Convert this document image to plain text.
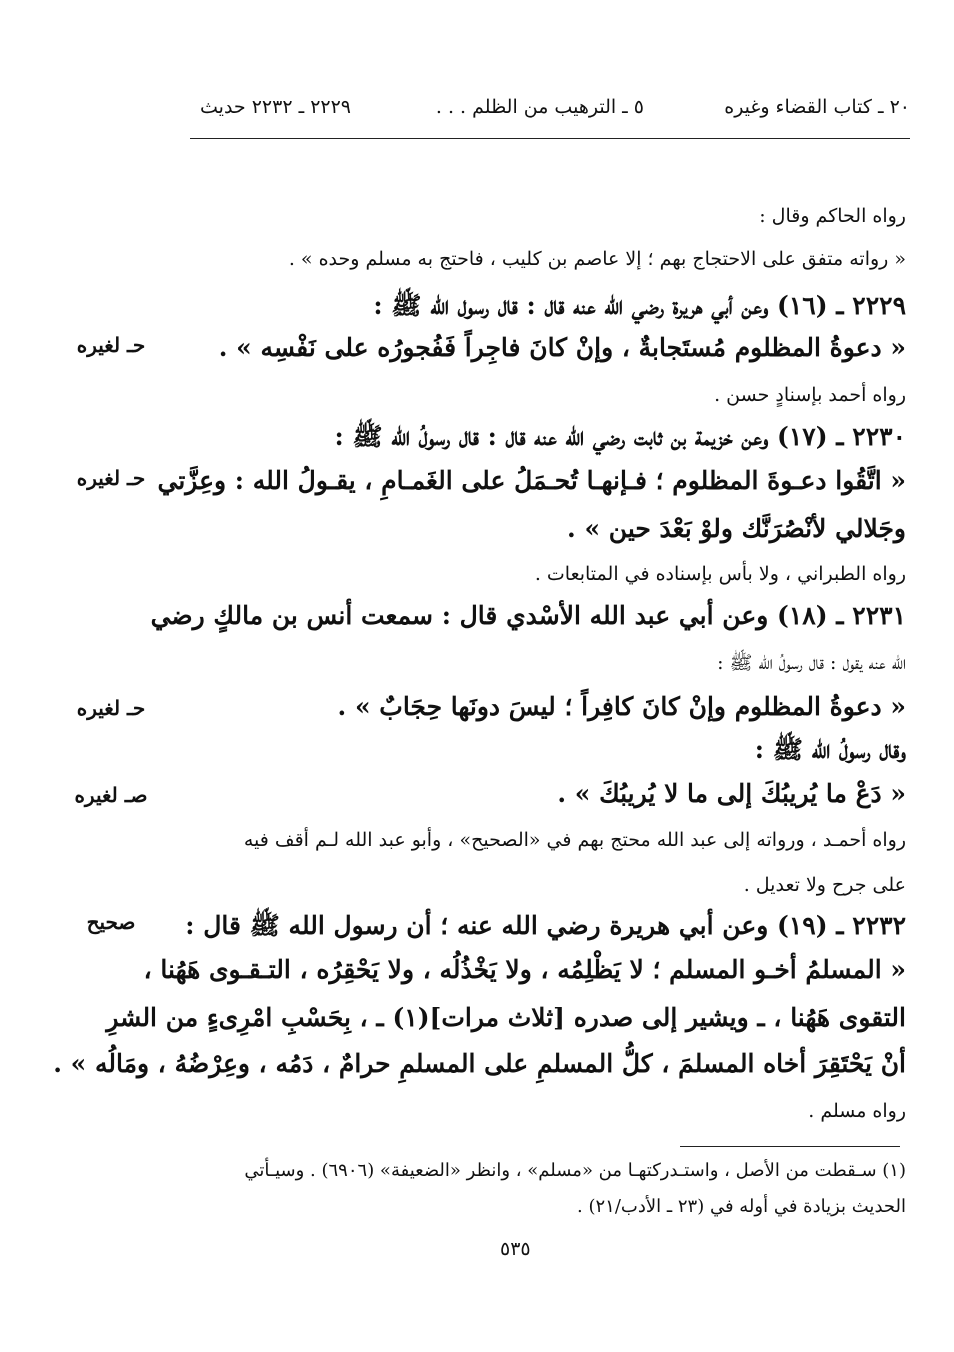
٢٠ ـ كتاب القضاء وغيره
٥ ـ الترهيب من الظلم . . .
٢٢٢٩ ـ ٢٢٣٢ حديث
رواه الحاكم وقال :
« رواته متفق على الاحتجاج بهم ؛ إلا عاصم بن كليب ، فاحتج به مسلم وحده » .
٢٢٢٩ ـ (١٦) وعن أبي هريرة رضي الله عنه قال : قال رسول الله ﷺ :
« دعوةُ المظلوم مُستَجابةٌ ، وإنْ كانَ فاجِراً فَفُجورُه على نَفْسِه » .
رواه أحمد بإسنادٍ حسن .
٢٢٣٠ ـ (١٧) وعن خزيمة بن ثابت رضي الله عنه قال : قال رسولُ الله ﷺ :
« اتَّقُوا دعـوةَ المظلوم ؛ فـإنهـا تُحـمَلُ على الغَمـامِ ، يقـولُ الله : وعِزَّتي
وجَلالي لأنْصُرَنَّك ولوْ بَعْدَ حين » .
رواه الطبراني ، ولا بأس بإسناده في المتابعات .
٢٢٣١ ـ (١٨) وعن أبي عبد الله الأسْدي قال : سمعت أنس بن مالكٍ رضي
الله عنه يقول : قال رسولُ الله ﷺ :
« دعوةُ المظلوم وإنْ كانَ كافِراً ؛ ليسَ دونَها حِجَابٌ » .
وقال رسولُ الله ﷺ :
« دَعْ ما يُريبُكَ إلى ما لا يُريبُكَ » .
رواه أحمـد ، ورواته إلى عبد الله محتج بهم في «الصحيح» ، وأبو عبد الله لـم أقف فيه
على جرح ولا تعديل .
٢٢٣٢ ـ (١٩) وعن أبي هريرة رضي الله عنه ؛ أن رسول الله ﷺ قال :
« المسلمُ أخـو المسلم ؛ لا يَظْلِمُه ، ولا يَخْذُلُه ، ولا يَحْقِرُه ، التـقـوى هَهُنا ،
التقوى هَهُنا ، ـ ويشير إلى صدره [ثلاث مرات](١) ـ ، بِحَسْبِ امْرِىءٍ من الشرِ
أنْ يَحْتَقِرَ أخاه المسلمَ ، كلُّ المسلمِ على المسلمِ حرامٌ ، دَمُه ، وعِرْضُهُ ، ومَالُه » .
رواه مسلم .
حـ لغيره
حـ لغيره
حـ لغيره
صـ لغيره
صحيح
(١) سـقطت من الأصل ، واستـدركتهـا من «مسلم» ، وانظر «الضعيفة» (٦٩٠٦) . وسيـأتي
الحديث بزيادة في أوله في (٢٣ ـ الأدب/٢١) .
٥٣٥
